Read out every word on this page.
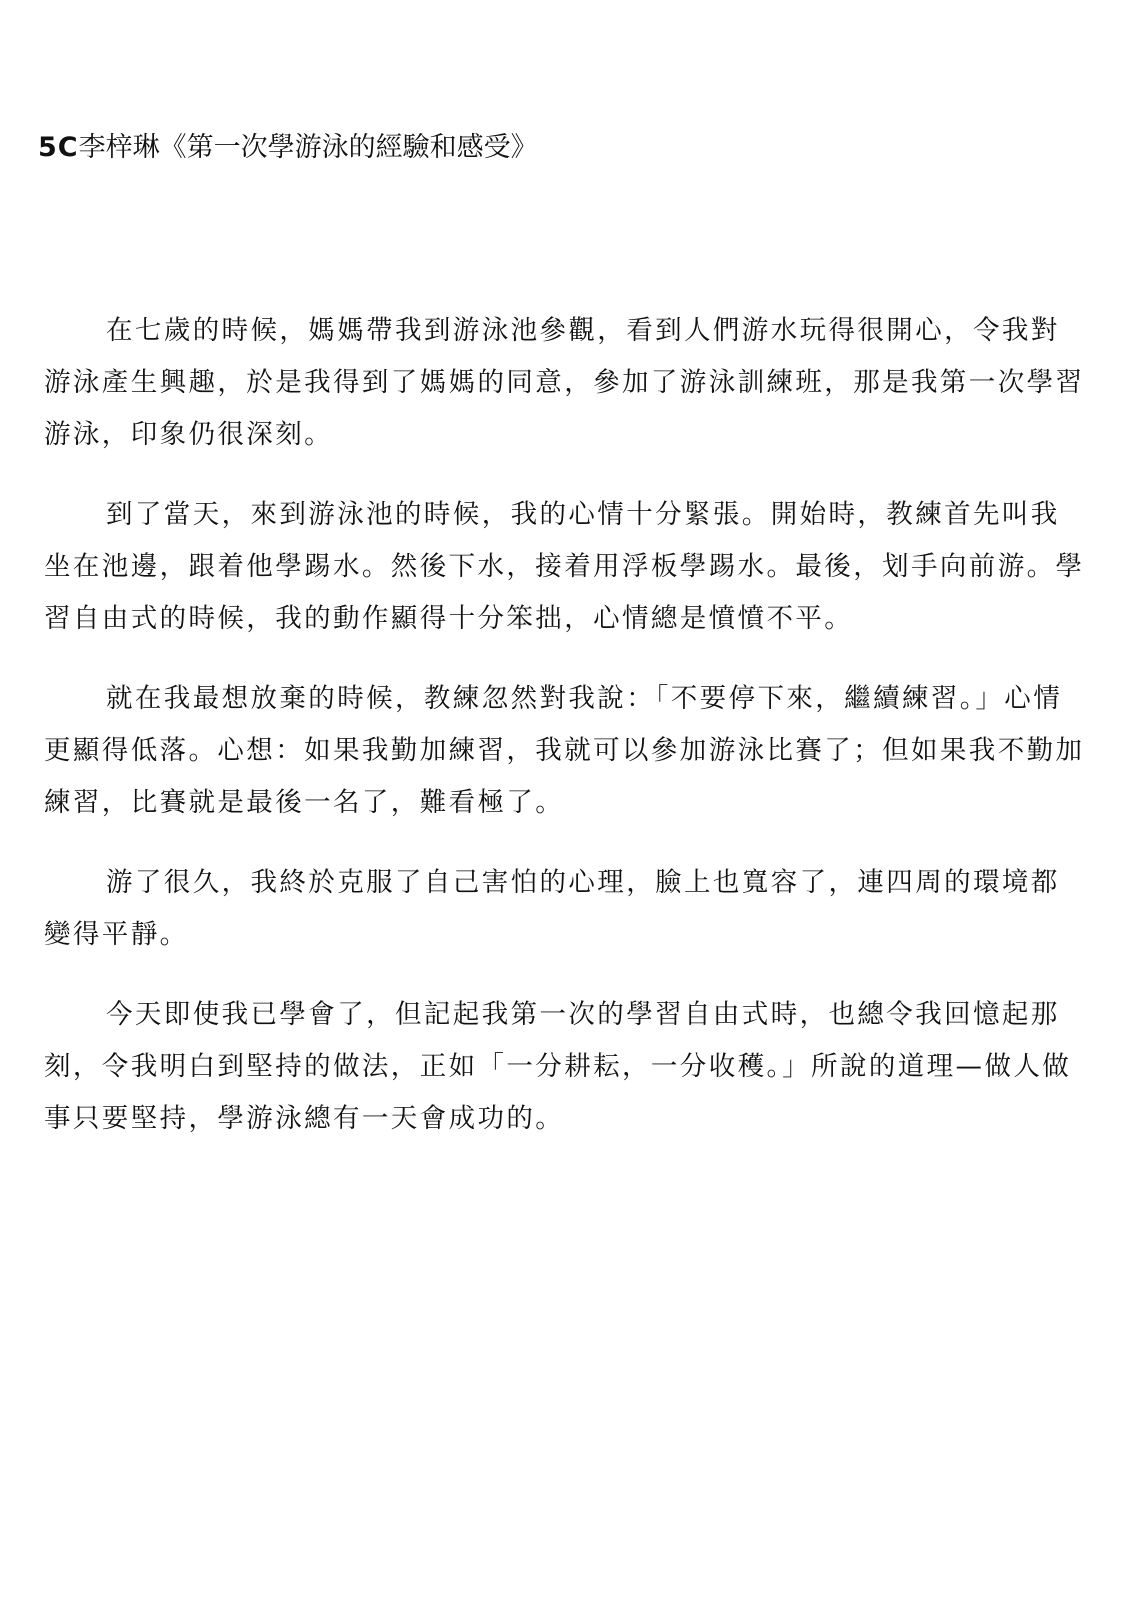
5C李梓琳《第一次學游泳的經驗和感受》

在七歲的時候，媽媽帶我到游泳池參觀，看到人們游水玩得很開心，令我對游泳產生興趣，於是我得到了媽媽的同意，參加了游泳訓練班，那是我第一次學習游泳，印象仍很深刻。

到了當天，來到游泳池的時候，我的心情十分緊張。開始時，教練首先叫我坐在池邊，跟着他學踢水。然後下水，接着用浮板學踢水。最後，划手向前游。學習自由式的時候，我的動作顯得十分笨拙，心情總是憤憤不平。

就在我最想放棄的時候，教練忽然對我說：「不要停下來，繼續練習。」心情更顯得低落。心想：如果我勤加練習，我就可以參加游泳比賽了；但如果我不勤加練習，比賽就是最後一名了，難看極了。

游了很久，我終於克服了自己害怕的心理，臉上也寬容了，連四周的環境都變得平靜。

今天即使我已學會了，但記起我第一次的學習自由式時，也總令我回憶起那刻，令我明白到堅持的做法，正如「一分耕耘，一分收穫。」所說的道理—做人做事只要堅持，學游泳總有一天會成功的。
